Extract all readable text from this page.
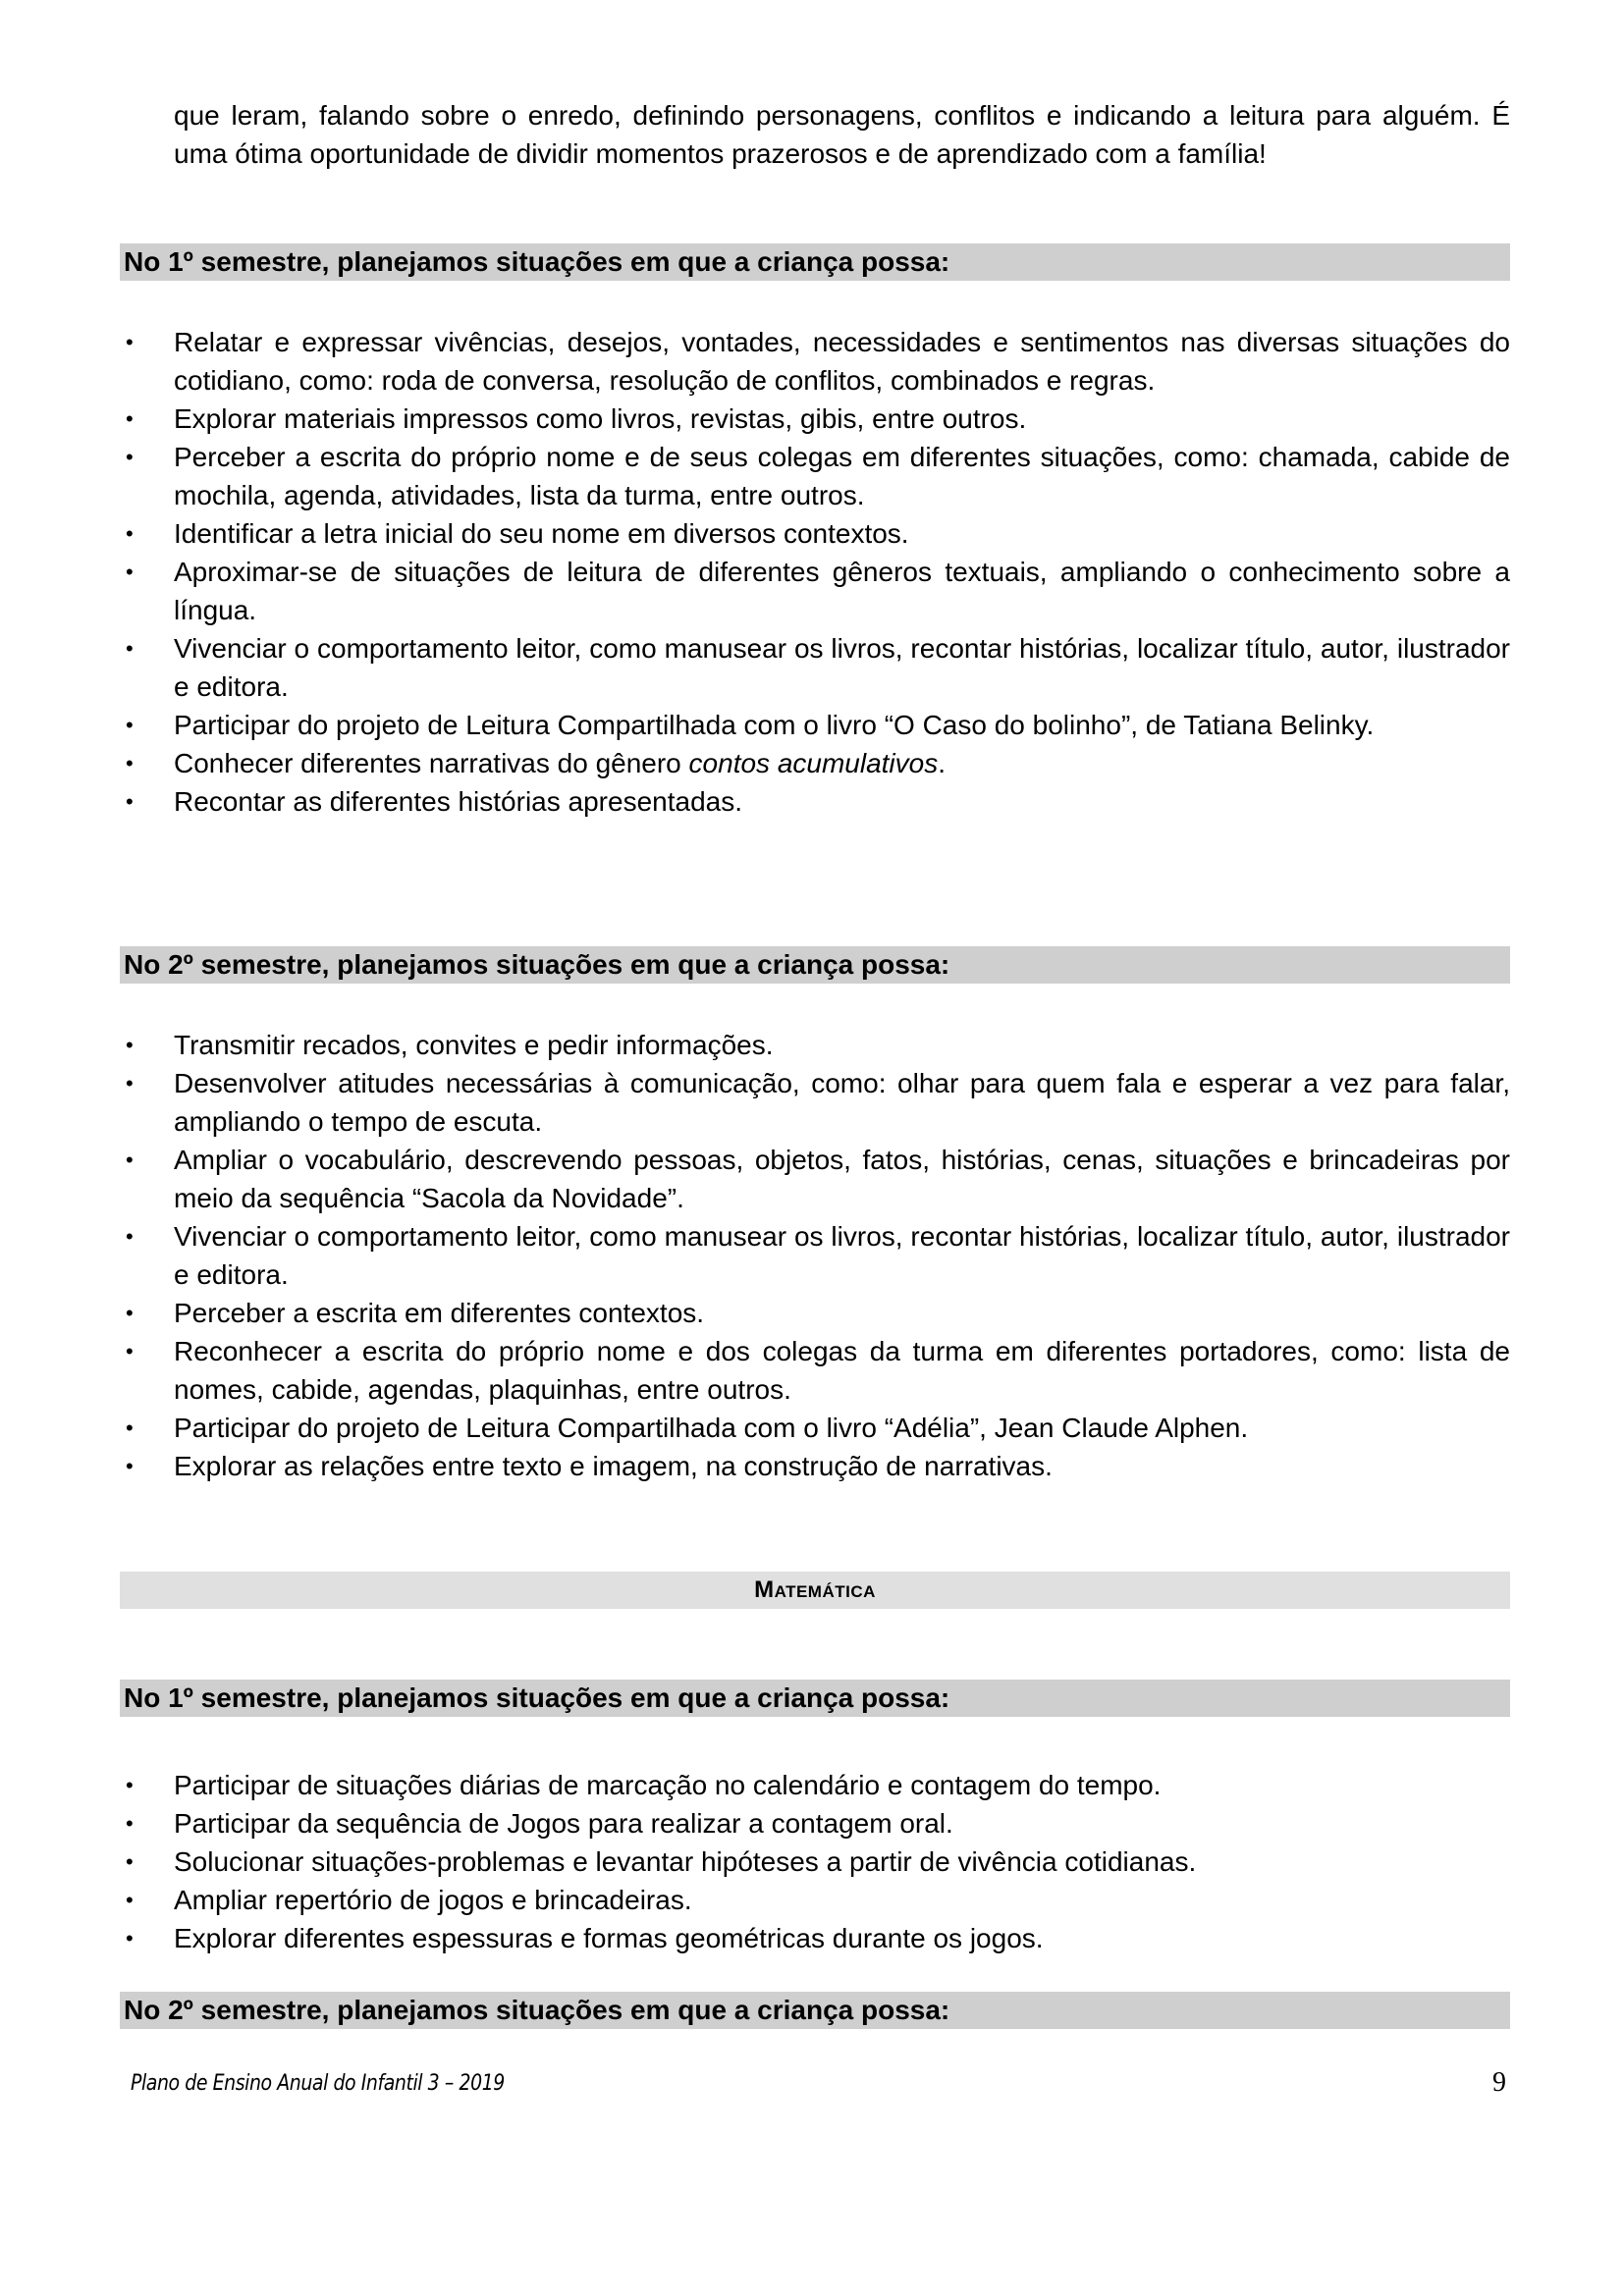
que leram, falando sobre o enredo, definindo personagens, conflitos e indicando a leitura para alguém. É uma ótima oportunidade de dividir momentos prazerosos e de aprendizado com a família!

No 1º semestre, planejamos situações em que a criança possa:
• Relatar e expressar vivências, desejos, vontades, necessidades e sentimentos nas diversas situações do cotidiano, como: roda de conversa, resolução de conflitos, combinados e regras.
• Explorar materiais impressos como livros, revistas, gibis, entre outros.
• Perceber a escrita do próprio nome e de seus colegas em diferentes situações, como: chamada, cabide de mochila, agenda, atividades, lista da turma, entre outros.
• Identificar a letra inicial do seu nome em diversos contextos.
• Aproximar-se de situações de leitura de diferentes gêneros textuais, ampliando o conhecimento sobre a língua.
• Vivenciar o comportamento leitor, como manusear os livros, recontar histórias, localizar título, autor, ilustrador e editora.
• Participar do projeto de Leitura Compartilhada com o livro “O Caso do bolinho”, de Tatiana Belinky.
• Conhecer diferentes narrativas do gênero contos acumulativos.
• Recontar as diferentes histórias apresentadas.
No 2º semestre, planejamos situações em que a criança possa:
• Transmitir recados, convites e pedir informações.
• Desenvolver atitudes necessárias à comunicação, como: olhar para quem fala e esperar a vez para falar, ampliando o tempo de escuta.
• Ampliar o vocabulário, descrevendo pessoas, objetos, fatos, histórias, cenas, situações e brincadeiras por meio da sequência “Sacola da Novidade”.
• Vivenciar o comportamento leitor, como manusear os livros, recontar histórias, localizar título, autor, ilustrador e editora.
• Perceber a escrita em diferentes contextos.
• Reconhecer a escrita do próprio nome e dos colegas da turma em diferentes portadores, como: lista de nomes, cabide, agendas, plaquinhas, entre outros.
• Participar do projeto de Leitura Compartilhada com o livro “Adélia”, Jean Claude Alphen.
• Explorar as relações entre texto e imagem, na construção de narrativas.
Matemática
No 1º semestre, planejamos situações em que a criança possa:
• Participar de situações diárias de marcação no calendário e contagem do tempo.
• Participar da sequência de Jogos para realizar a contagem oral.
• Solucionar situações-problemas e levantar hipóteses a partir de vivência cotidianas.
• Ampliar repertório de jogos e brincadeiras.
• Explorar diferentes espessuras e formas geométricas durante os jogos.
No 2º semestre, planejamos situações em que a criança possa:
Plano de Ensino Anual do Infantil 3 – 2019	9
